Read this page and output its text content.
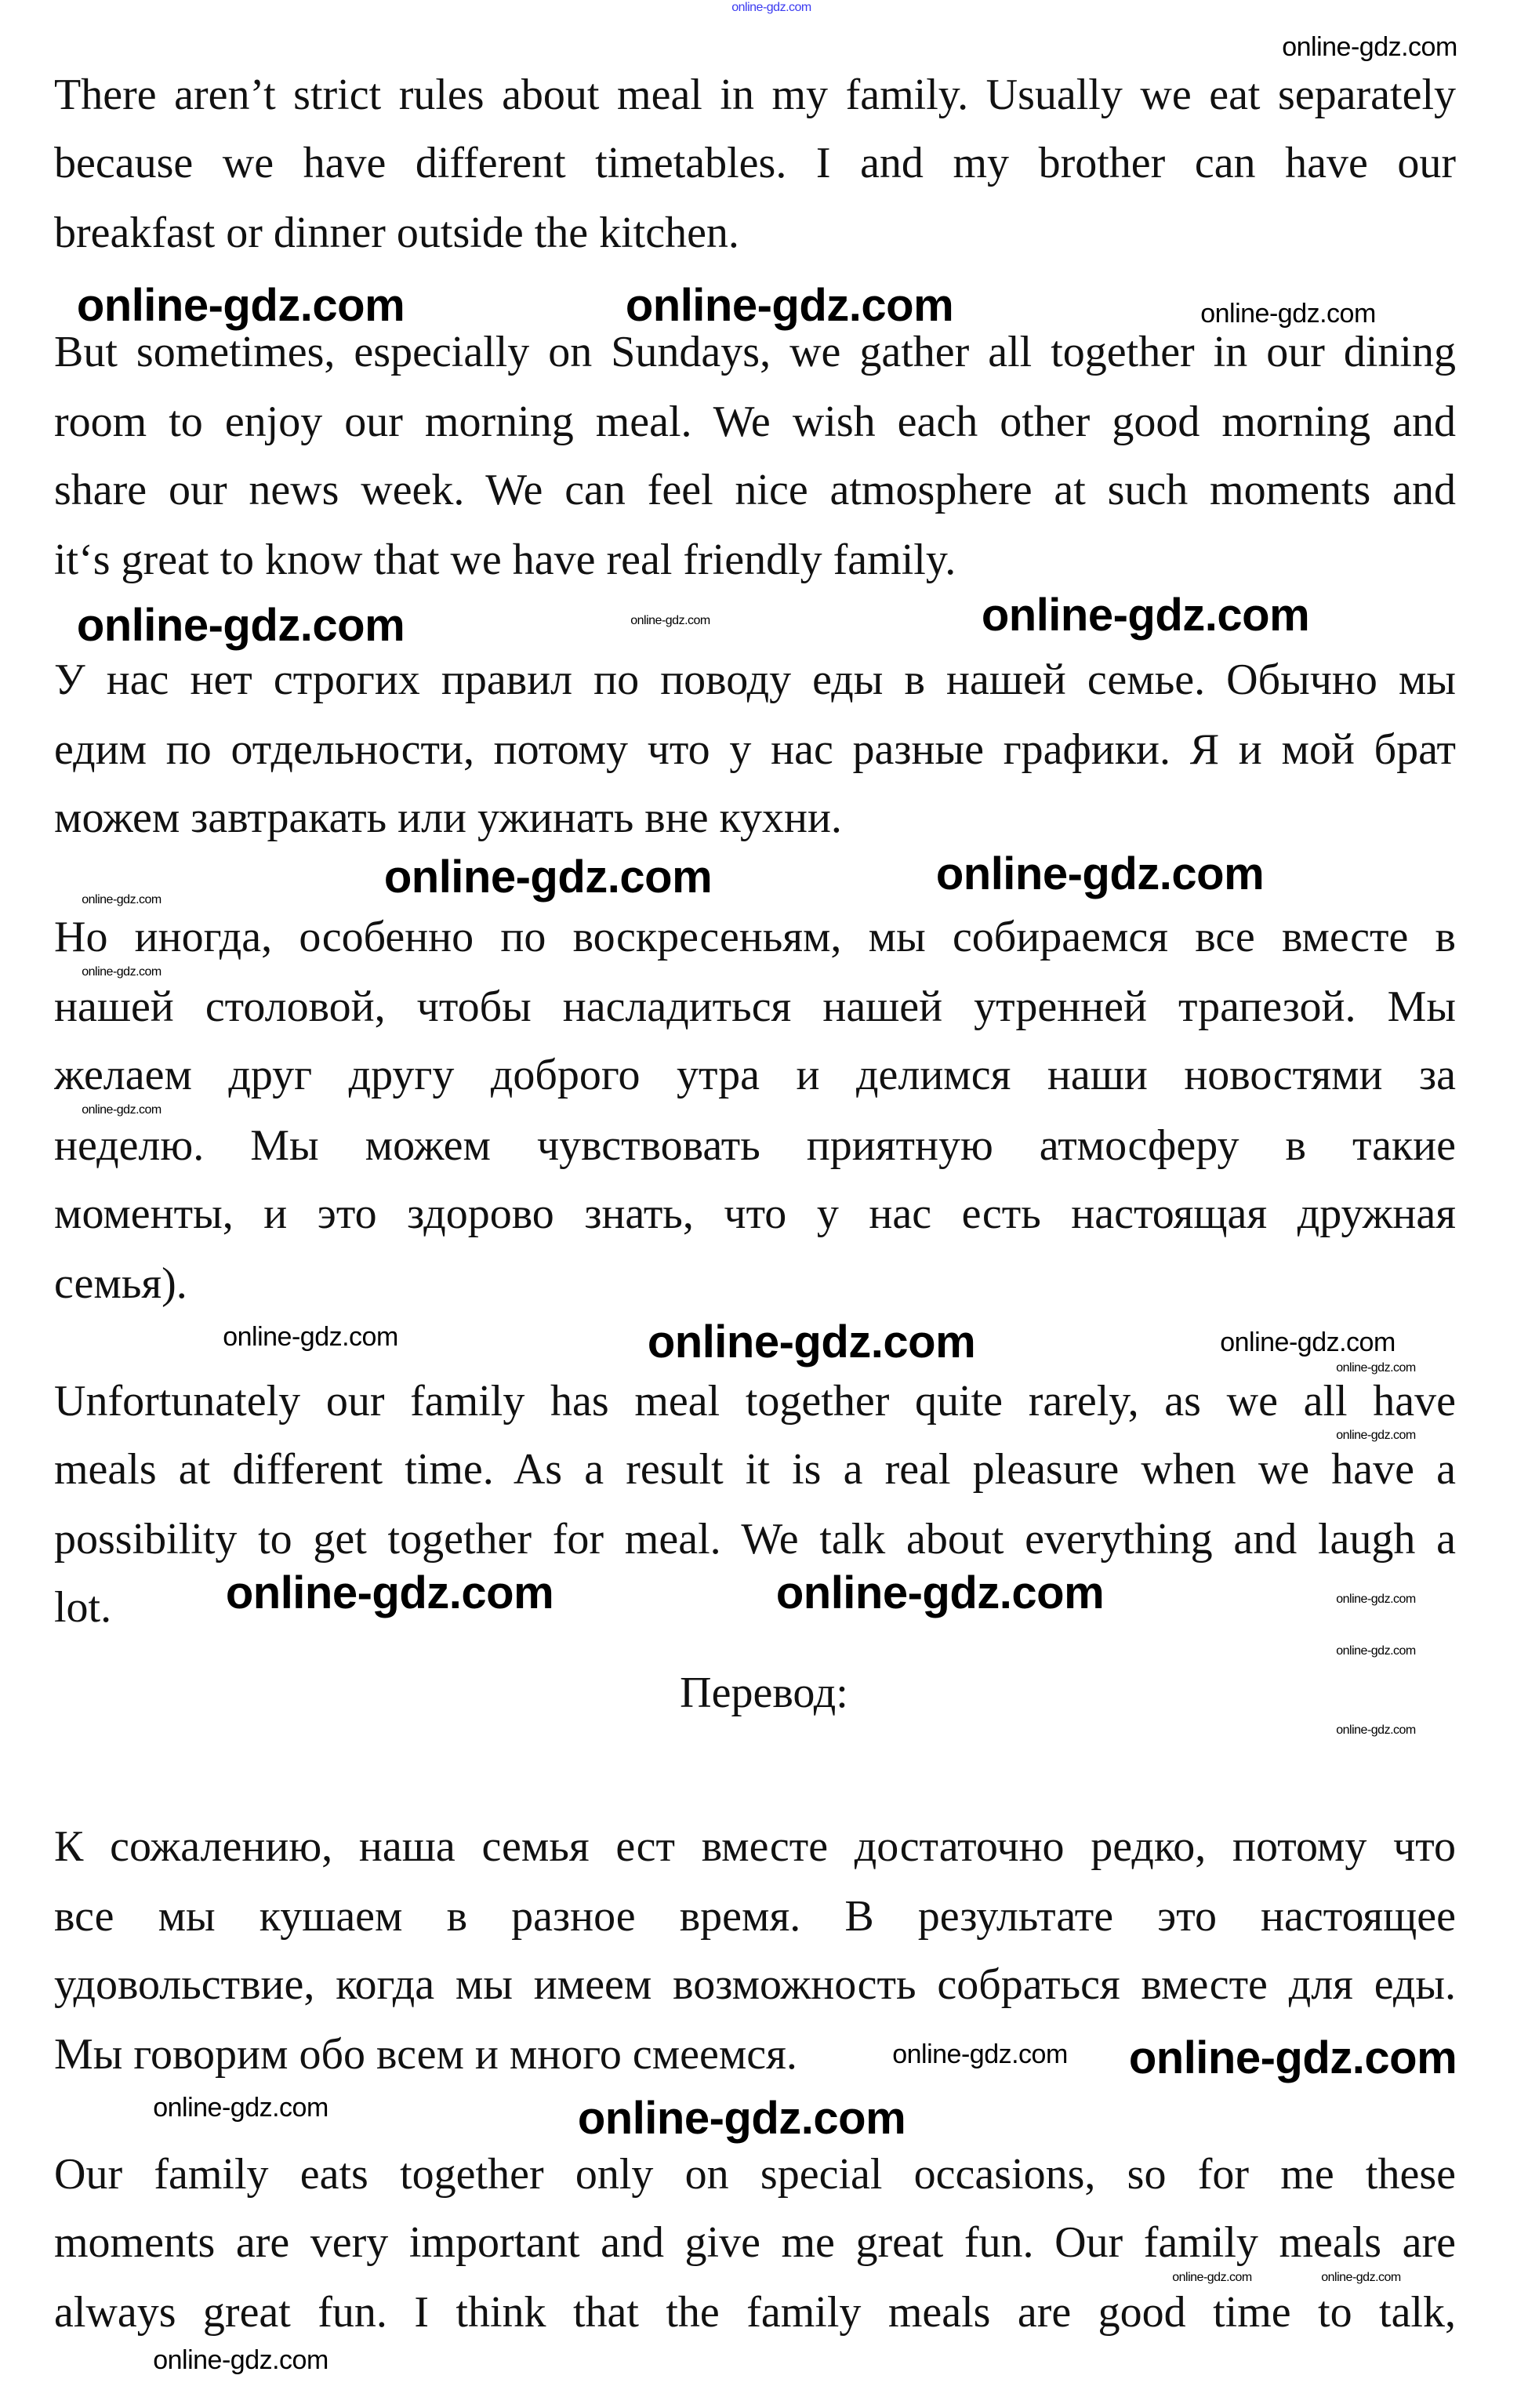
There aren’t strict rules about meal in my family. Usually we eat separately
because we have different timetables. I and my brother can have our
breakfast or dinner outside the kitchen.
But sometimes, especially on Sundays, we gather all together in our dining
room to enjoy our morning meal. We wish each other good morning and
share our news week. We can feel nice atmosphere at such moments and
it‘s great to know that we have real friendly family.
У нас нет строгих правил по поводу еды в нашей семье. Обычно мы
едим по отдельности, потому что у нас разные графики. Я и мой брат
можем завтракать или ужинать вне кухни.
Но иногда, особенно по воскресеньям, мы собираемся все вместе в
нашей столовой, чтобы насладиться нашей утренней трапезой. Мы
желаем друг другу доброго утра и делимся наши новостями за
неделю. Мы можем чувствовать приятную атмосферу в такие
моменты, и это здорово знать, что у нас есть настоящая дружная
семья).
Unfortunately our family has meal together quite rarely, as we all have
meals at different time. As a result it is a real pleasure when we have a
possibility to get together for meal. We talk about everything and laugh a
lot.
К сожалению, наша семья ест вместе достаточно редко, потому что
все мы кушаем в разное время. В результате это настоящее
удовольствие, когда мы имеем возможность собраться вместе для еды.
Мы говорим обо всем и много смеемся.
Our family eats together only on special occasions, so for me these
moments are very important and give me great fun. Our family meals are
always great fun. I think that the family meals are good time to talk,
Перевод:
online-gdz.com
online-gdz.com
online-gdz.com	online-gdz.com	online-gdz.com
online-gdz.com	online-gdz.com	online-gdz.com
online-gdz.com	online-gdz.com
online-gdz.com
online-gdz.com
online-gdz.com
online-gdz.com
online-gdz.com
online-gdz.com
online-gdz.com
online-gdz.com
online-gdz.com
online-gdz.com
online-gdz.com
online-gdz.com	online-gdz.com
online-gdz.com online-gdz.com
online-gdz.com	online-gdz.com
online-gdz.com
online-gdz.com	online-gdz.com
